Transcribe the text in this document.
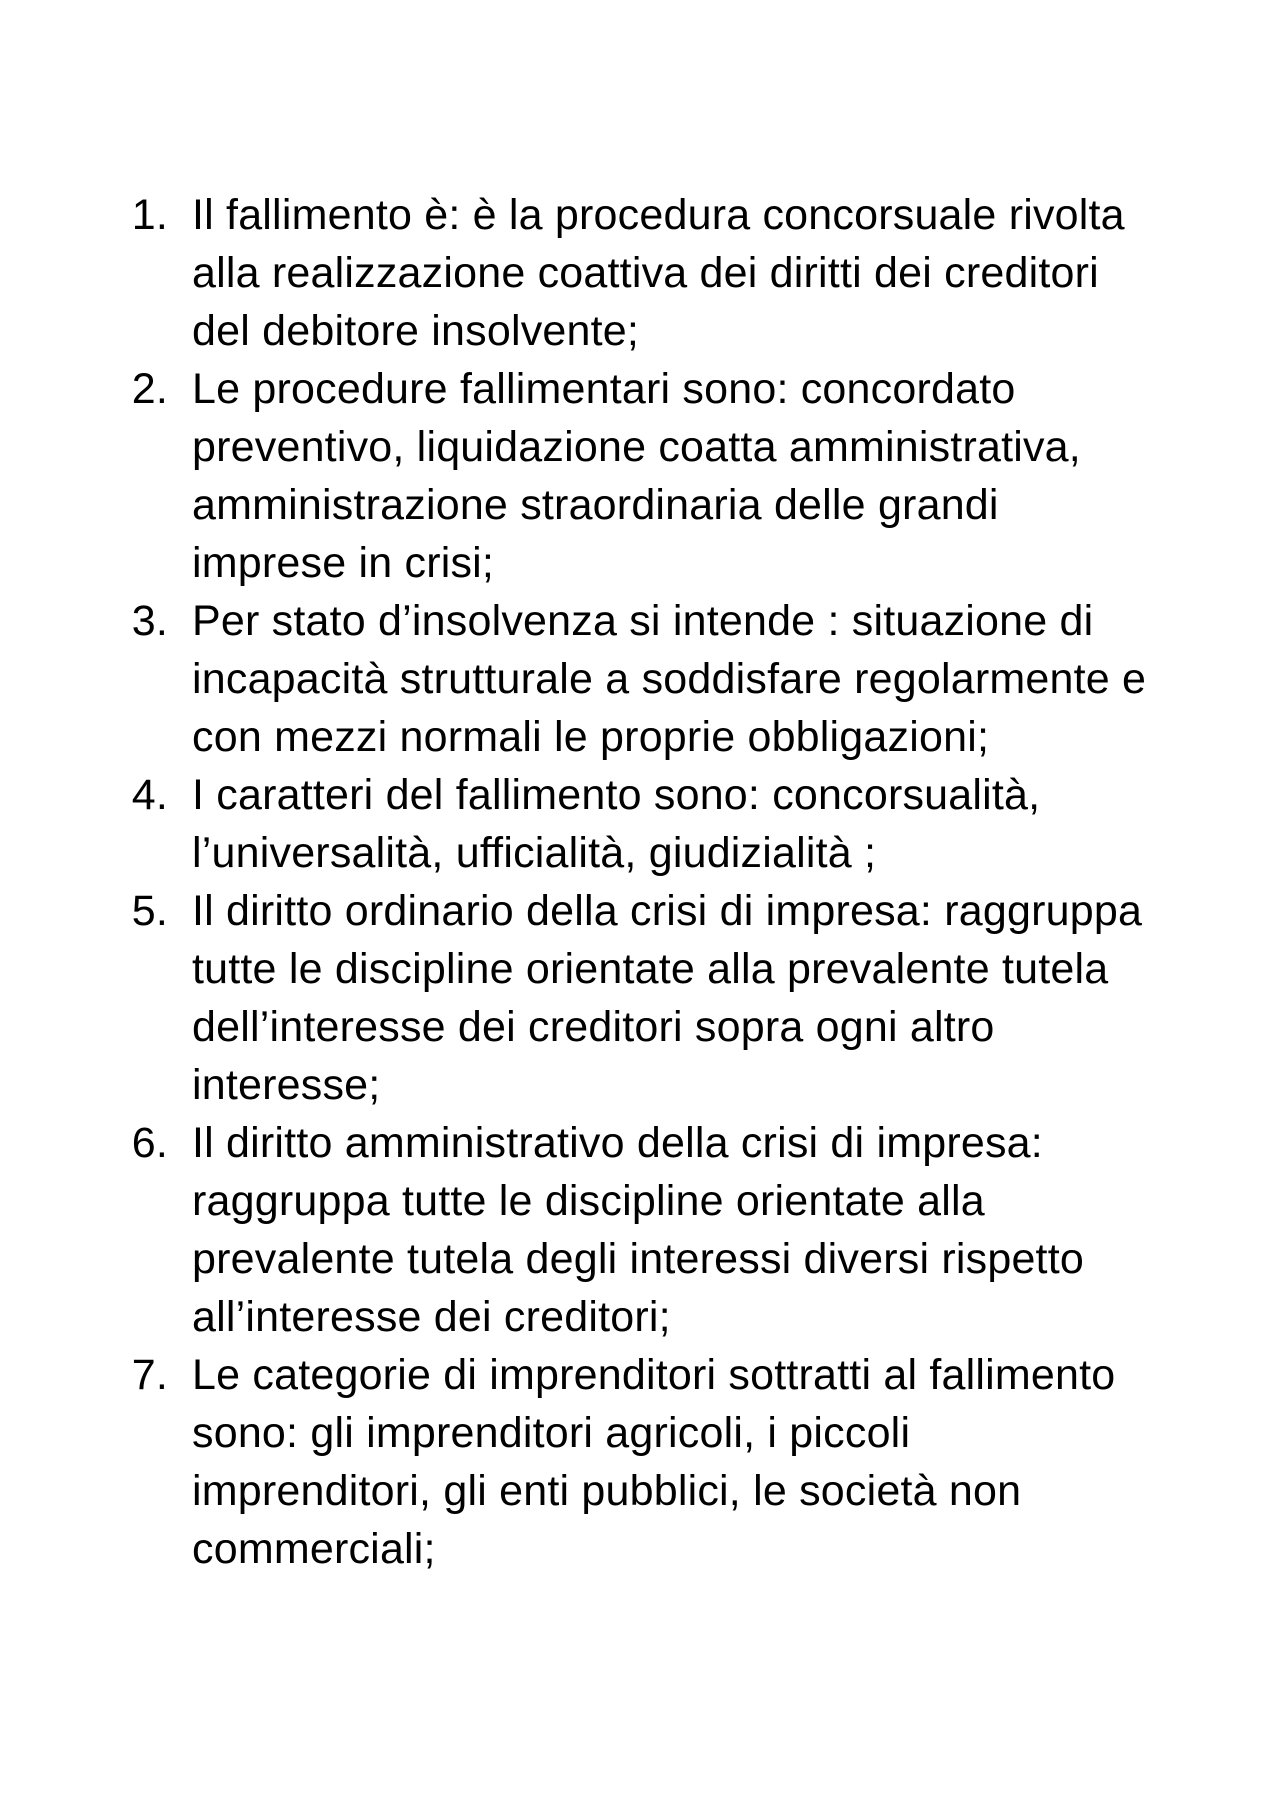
1. Il fallimento è: è la procedura concorsuale rivolta alla realizzazione coattiva dei diritti dei creditori del debitore insolvente;
2. Le procedure fallimentari sono: concordato preventivo, liquidazione coatta amministrativa, amministrazione straordinaria delle grandi imprese in crisi;
3. Per stato d’insolvenza si intende : situazione di incapacità strutturale a soddisfare regolarmente e con mezzi normali le proprie obbligazioni;
4. I caratteri del fallimento sono: concorsualità, l’universalità, ufficialità, giudizialità ;
5. Il diritto ordinario della crisi di impresa: raggruppa tutte le discipline orientate alla prevalente tutela dell’interesse dei creditori sopra ogni altro interesse;
6. Il diritto amministrativo della crisi di impresa: raggruppa tutte le discipline orientate alla prevalente tutela degli interessi diversi rispetto all’interesse dei creditori;
7. Le categorie di imprenditori sottratti al fallimento sono: gli imprenditori agricoli, i piccoli imprenditori, gli enti pubblici, le società non commerciali;
